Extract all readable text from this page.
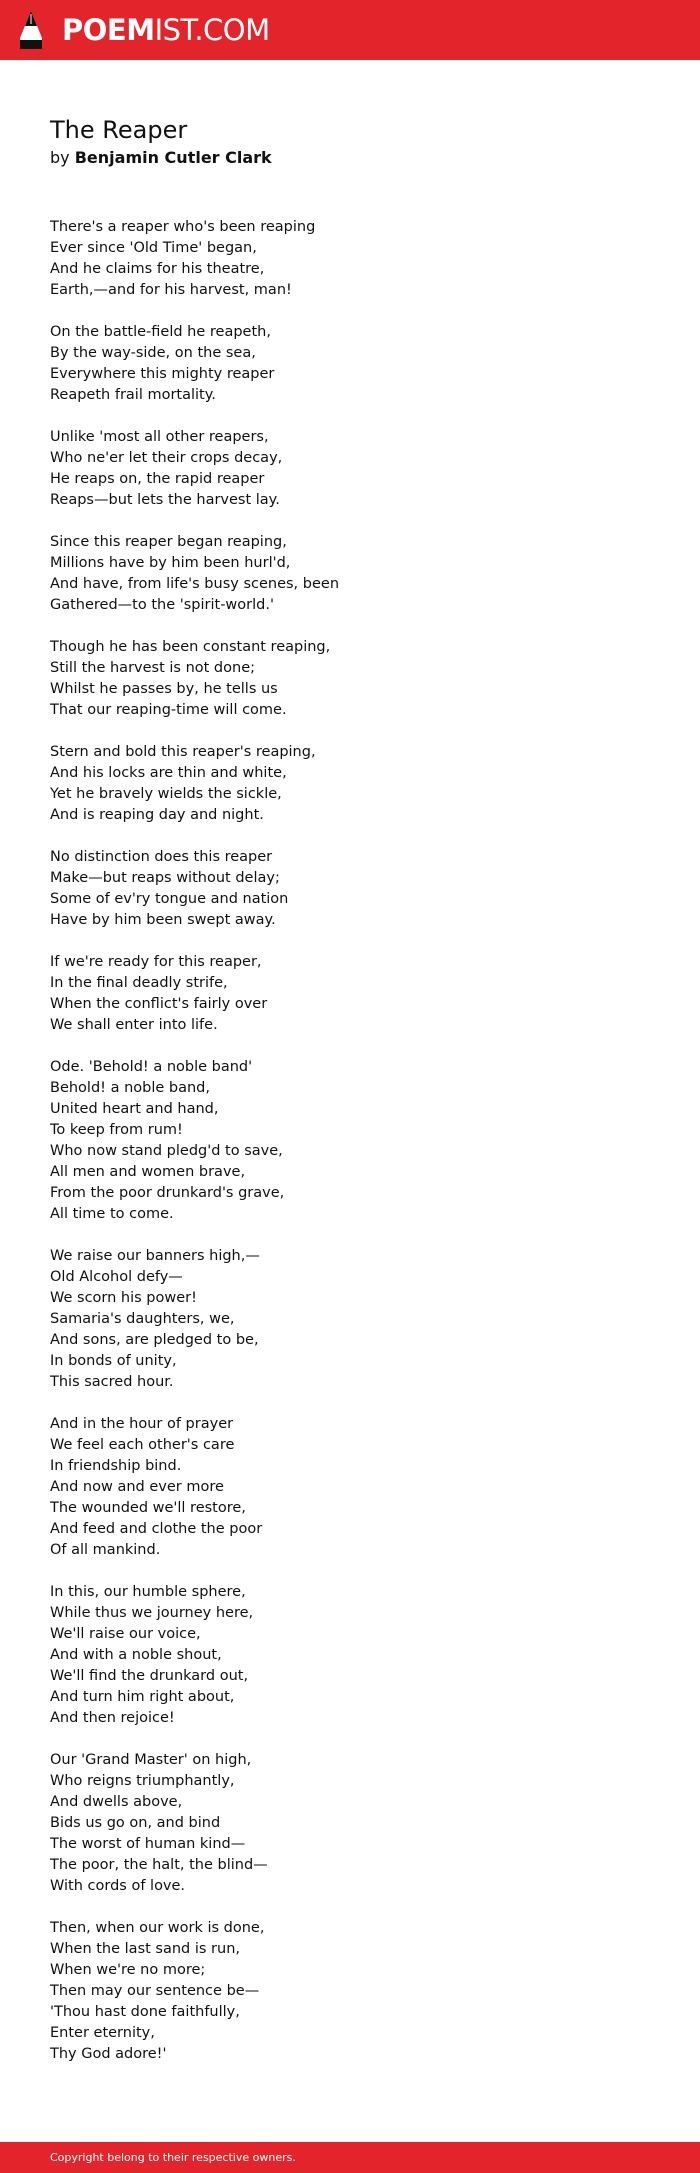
POEMIST.COM
The Reaper
by Benjamin Cutler Clark
There's a reaper who's been reaping
Ever since 'Old Time' began,
And he claims for his theatre,
Earth,—and for his harvest, man!
On the battle-field he reapeth,
By the way-side, on the sea,
Everywhere this mighty reaper
Reapeth frail mortality.
Unlike 'most all other reapers,
Who ne'er let their crops decay,
He reaps on, the rapid reaper
Reaps—but lets the harvest lay.
Since this reaper began reaping,
Millions have by him been hurl'd,
And have, from life's busy scenes, been
Gathered—to the 'spirit-world.'
Though he has been constant reaping,
Still the harvest is not done;
Whilst he passes by, he tells us
That our reaping-time will come.
Stern and bold this reaper's reaping,
And his locks are thin and white,
Yet he bravely wields the sickle,
And is reaping day and night.
No distinction does this reaper
Make—but reaps without delay;
Some of ev'ry tongue and nation
Have by him been swept away.
If we're ready for this reaper,
In the final deadly strife,
When the conflict's fairly over
We shall enter into life.
Ode. 'Behold! a noble band'
Behold! a noble band,
United heart and hand,
To keep from rum!
Who now stand pledg'd to save,
All men and women brave,
From the poor drunkard's grave,
All time to come.
We raise our banners high,—
Old Alcohol defy—
We scorn his power!
Samaria's daughters, we,
And sons, are pledged to be,
In bonds of unity,
This sacred hour.
And in the hour of prayer
We feel each other's care
In friendship bind.
And now and ever more
The wounded we'll restore,
And feed and clothe the poor
Of all mankind.
In this, our humble sphere,
While thus we journey here,
We'll raise our voice,
And with a noble shout,
We'll find the drunkard out,
And turn him right about,
And then rejoice!
Our 'Grand Master' on high,
Who reigns triumphantly,
And dwells above,
Bids us go on, and bind
The worst of human kind—
The poor, the halt, the blind—
With cords of love.
Then, when our work is done,
When the last sand is run,
When we're no more;
Then may our sentence be—
'Thou hast done faithfully,
Enter eternity,
Thy God adore!'
Copyright belong to their respective owners.
